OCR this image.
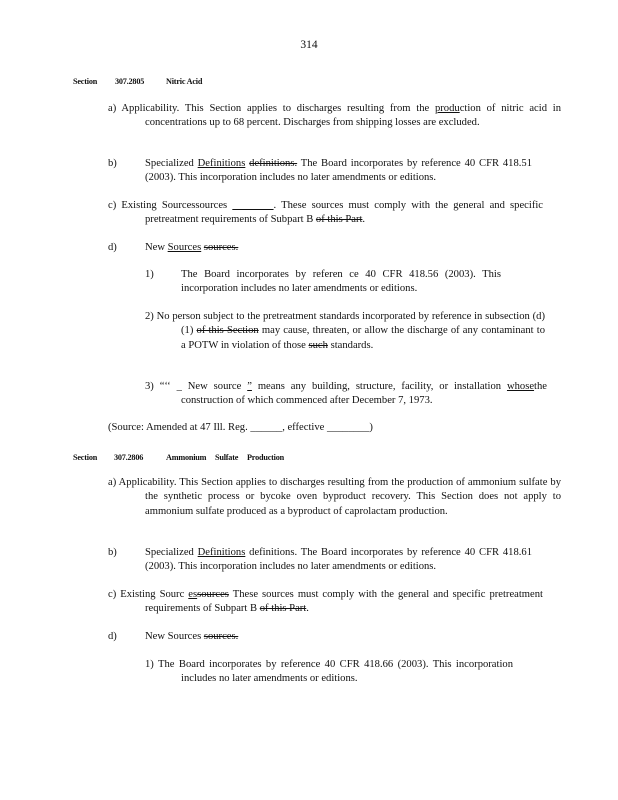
314
Section 307.2805	Nitric Acid

a) Applicability. This Section applies to discharges resulting from the production of nitric acid in concentrations up to 68 percent. Discharges from shipping losses are excluded.

b)	Specialized Definitions definitions. The Board incorporates by reference 40 CFR 418.51 (2003). This incorporation includes no later amendments or editions.

c) Existing Sourcessources	. These sources must comply with the general and specific pretreatment requirements of Subpart B of this Part.

d)	New Sources sources.

1)	The Board incorporates by referen ce 40 CFR 418.56 (2003). This incorporation includes no later amendments or editions.

2) No person subject to the pretreatment standards incorporated by reference in subsection (d)(1) of this Section may cause, threaten, or allow the discharge of any contaminant to a POTW in violation of those such standards.

3) “‘‘ _ New source ” means any building, structure, facility, or installation whosethe construction of which commenced after December 7, 1973.

(Source: Amended at 47 Ill. Reg. ______, effective ________)

Section 307.2806	Ammonium Sulfate Production

a) Applicability. This Section applies to discharges resulting from the production of ammonium sulfate by the synthetic process or bycoke oven byproduct recovery. This Section does not apply to ammonium sulfate produced as a byproduct of caprolactam production.

b)	Specialized Definitions definitions. The Board incorporates by reference 40 CFR 418.61 (2003). This incorporation includes no later amendments or editions.

c) Existing Sourc essources These sources must comply with the general and specific pretreatment requirements of Subpart B of this Part.

d)	New Sources sources.

1) The Board incorporates by reference 40 CFR 418.66 (2003). This incorporation includes no later amendments or editions.
